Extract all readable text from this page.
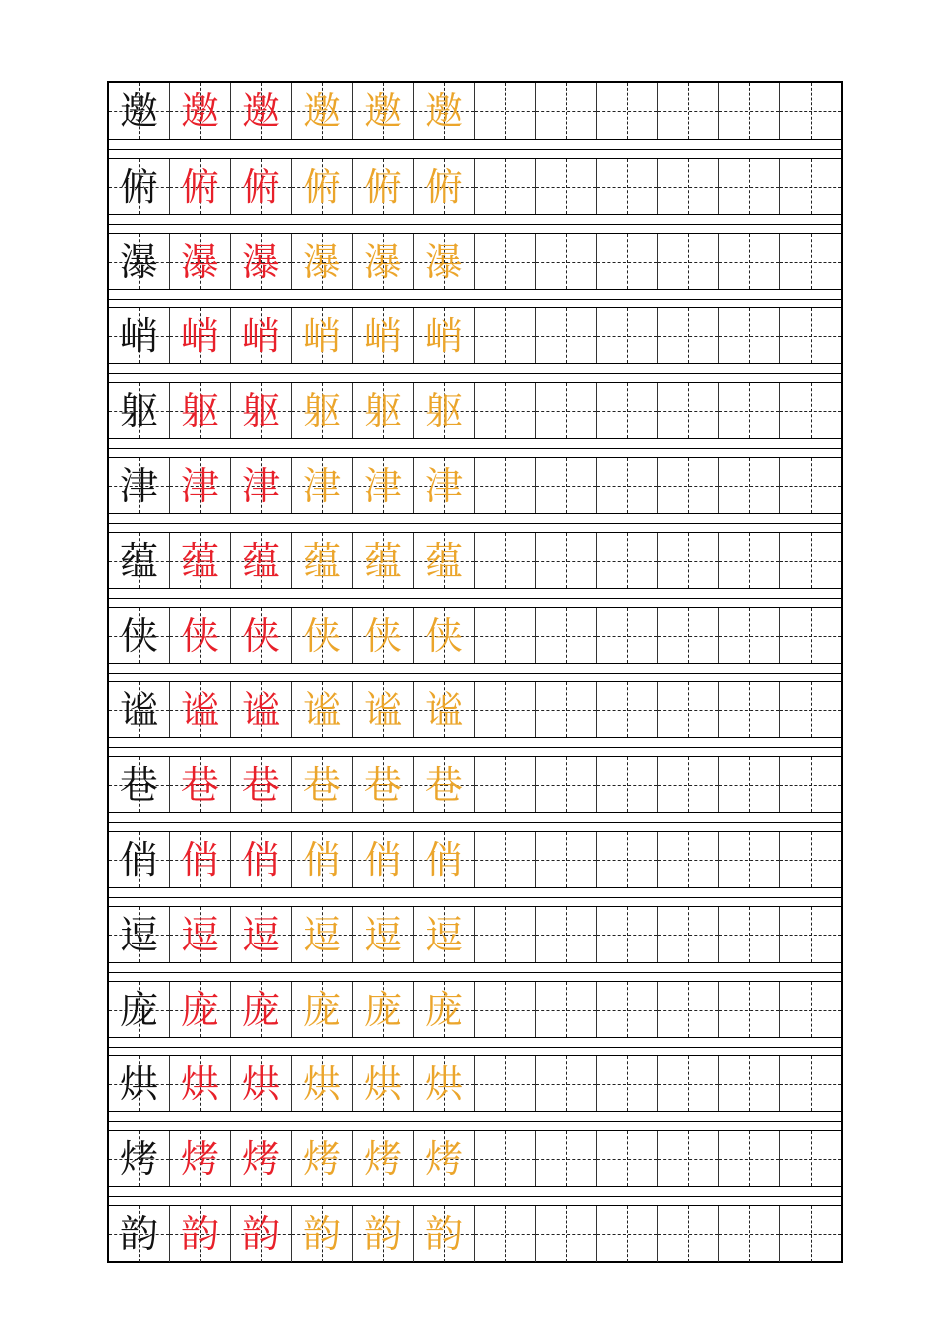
邀 邀 邀 邀 邀 邀
俯 俯 俯 俯 俯 俯
瀑 瀑 瀑 瀑 瀑 瀑
峭 峭 峭 峭 峭 峭
躯 躯 躯 躯 躯 躯
津 津 津 津 津 津
蕴 蕴 蕴 蕴 蕴 蕴
侠 侠 侠 侠 侠 侠
谧 谧 谧 谧 谧 谧
巷 巷 巷 巷 巷 巷
俏 俏 俏 俏 俏 俏
逗 逗 逗 逗 逗 逗
庞 庞 庞 庞 庞 庞
烘 烘 烘 烘 烘 烘
烤 烤 烤 烤 烤 烤
韵 韵 韵 韵 韵 韵
